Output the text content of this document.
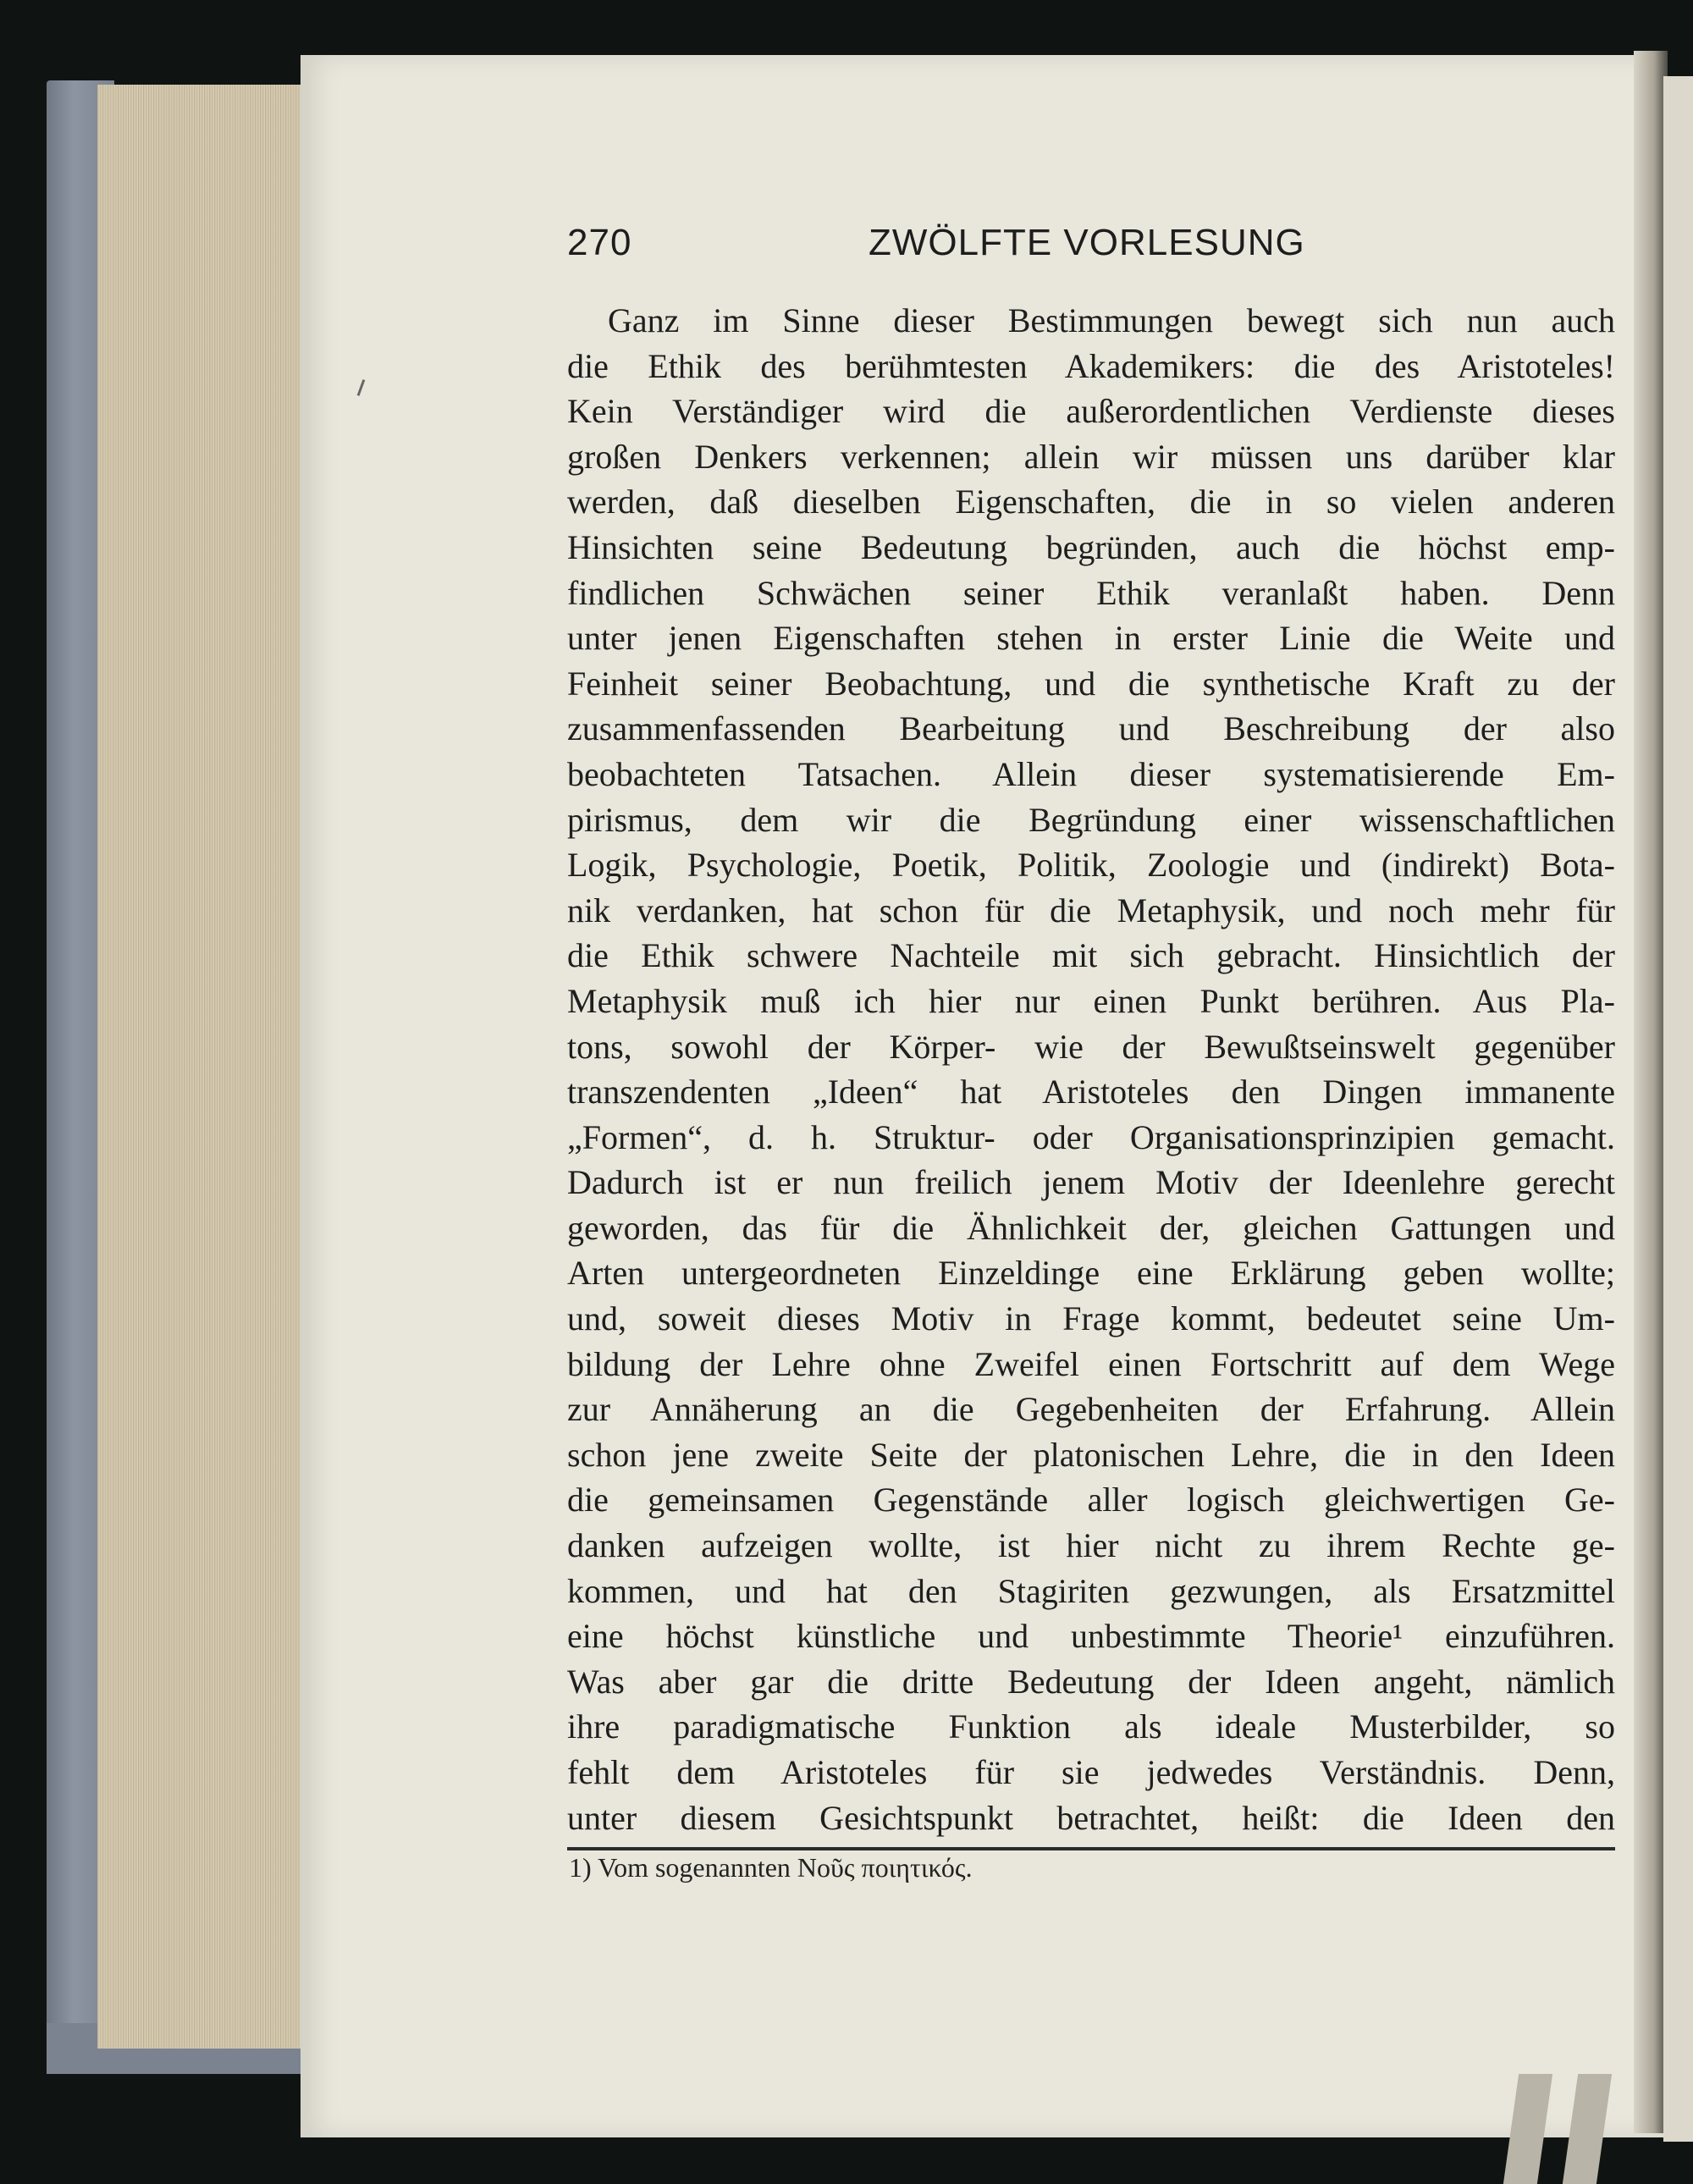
270	ZWÖLFTE VORLESUNG
Ganz im Sinne dieser Bestimmungen bewegt sich nun auch
die Ethik des berühmtesten Akademikers: die des Aristoteles!
Kein Verständiger wird die außerordentlichen Verdienste dieses
großen Denkers verkennen; allein wir müssen uns darüber klar
werden, daß dieselben Eigenschaften, die in so vielen anderen
Hinsichten seine Bedeutung begründen, auch die höchst emp-
findlichen Schwächen seiner Ethik veranlaßt haben. Denn
unter jenen Eigenschaften stehen in erster Linie die Weite und
Feinheit seiner Beobachtung, und die synthetische Kraft zu der
zusammenfassenden Bearbeitung und Beschreibung der also
beobachteten Tatsachen. Allein dieser systematisierende Em-
pirismus, dem wir die Begründung einer wissenschaftlichen
Logik, Psychologie, Poetik, Politik, Zoologie und (indirekt) Bota-
nik verdanken, hat schon für die Metaphysik, und noch mehr für
die Ethik schwere Nachteile mit sich gebracht. Hinsichtlich der
Metaphysik muß ich hier nur einen Punkt berühren. Aus Pla-
tons, sowohl der Körper- wie der Bewußtseinswelt gegenüber
transzendenten „Ideen“ hat Aristoteles den Dingen immanente
„Formen“, d. h. Struktur- oder Organisationsprinzipien gemacht.
Dadurch ist er nun freilich jenem Motiv der Ideenlehre gerecht
geworden, das für die Ähnlichkeit der, gleichen Gattungen und
Arten untergeordneten Einzeldinge eine Erklärung geben wollte;
und, soweit dieses Motiv in Frage kommt, bedeutet seine Um-
bildung der Lehre ohne Zweifel einen Fortschritt auf dem Wege
zur Annäherung an die Gegebenheiten der Erfahrung. Allein
schon jene zweite Seite der platonischen Lehre, die in den Ideen
die gemeinsamen Gegenstände aller logisch gleichwertigen Ge-
danken aufzeigen wollte, ist hier nicht zu ihrem Rechte ge-
kommen, und hat den Stagiriten gezwungen, als Ersatzmittel
eine höchst künstliche und unbestimmte Theorie¹ einzuführen.
Was aber gar die dritte Bedeutung der Ideen angeht, nämlich
ihre paradigmatische Funktion als ideale Musterbilder, so
fehlt dem Aristoteles für sie jedwedes Verständnis. Denn,
unter diesem Gesichtspunkt betrachtet, heißt: die Ideen den
1) Vom sogenannten Νοῦς ποιητικός.
